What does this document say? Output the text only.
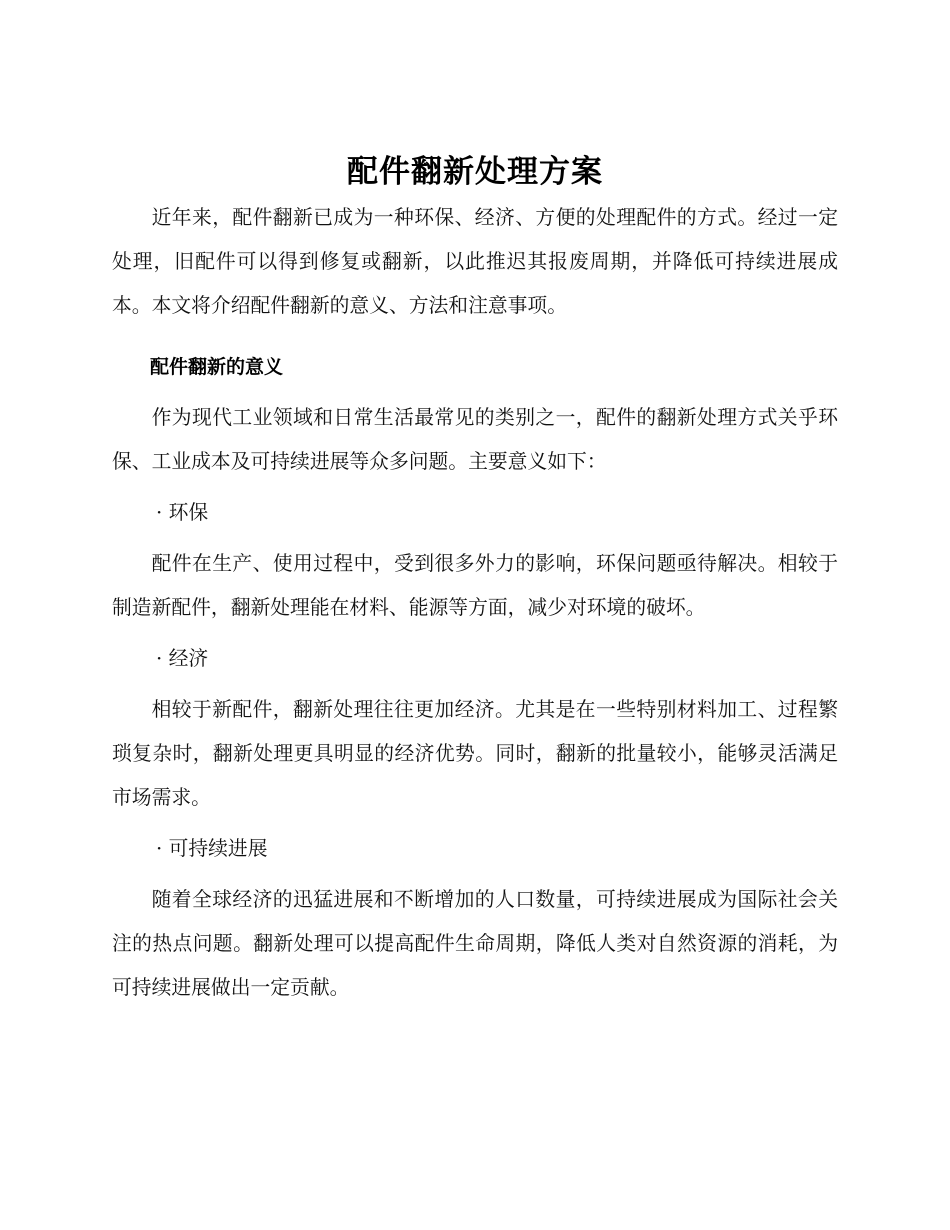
配件翻新处理方案

近年来，配件翻新已成为一种环保、经济、方便的处理配件的方式。经过一定处理，旧配件可以得到修复或翻新，以此推迟其报废周期，并降低可持续进展成本。本文将介绍配件翻新的意义、方法和注意事项。

配件翻新的意义

作为现代工业领域和日常生活最常见的类别之一，配件的翻新处理方式关乎环保、工业成本及可持续进展等众多问题。主要意义如下：

· 环保

配件在生产、使用过程中，受到很多外力的影响，环保问题亟待解决。相较于制造新配件，翻新处理能在材料、能源等方面，减少对环境的破坏。

· 经济

相较于新配件，翻新处理往往更加经济。尤其是在一些特别材料加工、过程繁琐复杂时，翻新处理更具明显的经济优势。同时，翻新的批量较小，能够灵活满足市场需求。

· 可持续进展

随着全球经济的迅猛进展和不断增加的人口数量，可持续进展成为国际社会关注的热点问题。翻新处理可以提高配件生命周期，降低人类对自然资源的消耗，为可持续进展做出一定贡献。
